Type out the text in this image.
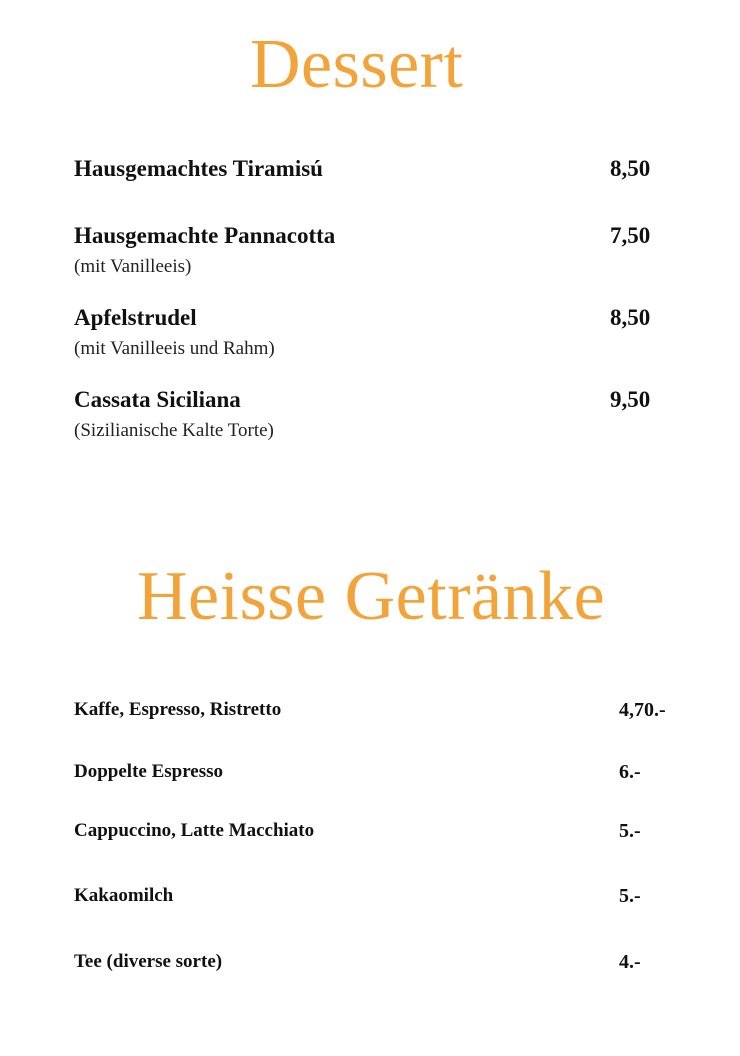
Dessert
Hausgemachtes Tiramisú	8,50
Hausgemachte Pannacotta	7,50
(mit Vanilleeis)
Apfelstrudel	8,50
(mit Vanilleeis und Rahm)
Cassata Siciliana	9,50
(Sizilianische Kalte Torte)
Heisse Getränke
Kaffe, Espresso, Ristretto	4,70.-
Doppelte Espresso	6.-
Cappuccino, Latte Macchiato	5.-
Kakaomilch	5.-
Tee (diverse sorte)	4.-
